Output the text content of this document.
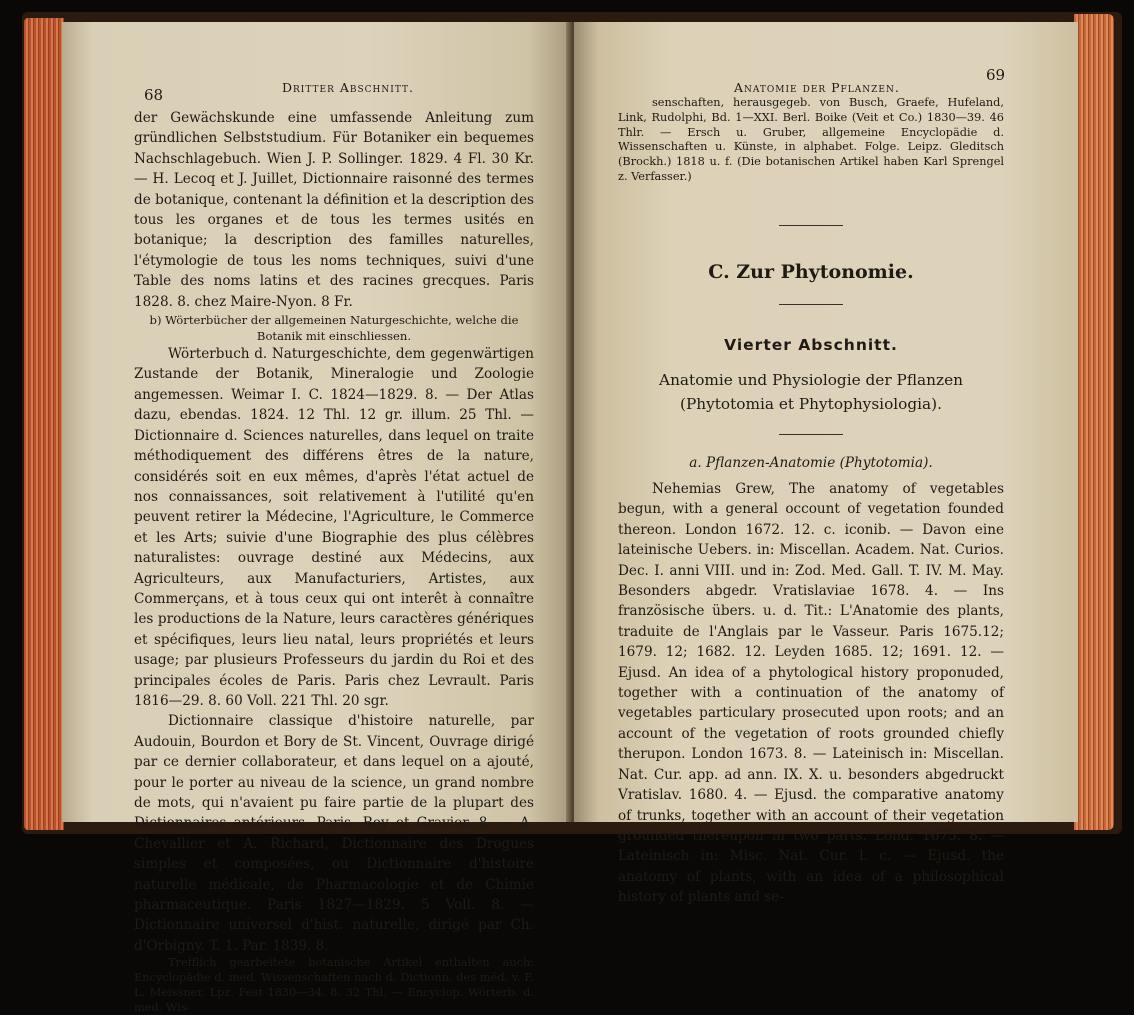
68	Dritter Abschnitt.

der Gewächskunde eine umfassende Anleitung zum gründlichen Selbststudium. Für Botaniker ein bequemes Nachschlagebuch. Wien J. P. Sollinger. 1829. 4 Fl. 30 Kr. — H. Lecoq et J. Juillet, Dictionnaire raisonné des termes de botanique, contenant la définition et la description des tous les organes et de tous les termes usités en botanique; la description des familles naturelles, l'étymologie de tous les noms techniques, suivi d'une Table des noms latins et des racines grecques. Paris 1828. 8. chez Maire-Nyon. 8 Fr.

b) Wörterbücher der allgemeinen Naturgeschichte, welche die Botanik mit einschliessen.

Wörterbuch d. Naturgeschichte, dem gegenwärtigen Zustande der Botanik, Mineralogie und Zoologie angemessen. Weimar I. C. 1824—1829. 8. — Der Atlas dazu, ebendas. 1824. 12 Thl. 12 gr. illum. 25 Thl. — Dictionnaire d. Sciences naturelles, dans lequel on traite méthodiquement des différens êtres de la nature, considérés soit en eux mêmes, d'après l'état actuel de nos connaissances, soit relativement à l'utilité qu'en peuvent retirer la Médecine, l'Agriculture, le Commerce et les Arts; suivie d'une Biographie des plus célèbres naturalistes: ouvrage destiné aux Médecins, aux Agriculteurs, aux Manufacturiers, Artistes, aux Commerçans, et à tous ceux qui ont interêt à connaître les productions de la Nature, leurs caractères génériques et spécifiques, leurs lieu natal, leurs propriétés et leurs usage; par plusieurs Professeurs du jardin du Roi et des principales écoles de Paris. Paris chez Levrault. Paris 1816—29. 8. 60 Voll. 221 Thl. 20 sgr.

Dictionnaire classique d'histoire naturelle, par Audouin, Bourdon et Bory de St. Vincent, Ouvrage dirigé par ce dernier collaborateur, et dans lequel on a ajouté, pour le porter au niveau de la science, un grand nombre de mots, qui n'avaient pu faire partie de la plupart des Dictionnaires antérieurs. Paris. Rey et Gravier. 8. — A. Chevallier et A. Richard, Dictionnaire des Drogues simples et composées, ou Dictionnaire d'histoire naturelle médicale, de Pharmacologie et de Chimie pharmaceutique. Paris 1827—1829. 5 Voll. 8. — Dictionnaire universel d'hist. naturelle, dirigé par Ch. d'Orbigny. T. 1. Par. 1839. 8.

Trefflich gearbeitete botanische Artikel enthalten auch: Encyclopädie d. med. Wissenschaften nach d. Dictionn. des méd. v. F. L. Meissner. Lpz. Fest 1830—34. 8. 32 Thl. — Encyclop. Wörterb. d. med. Wis-

Anatomie der Pflanzen.
69

senschaften, herausgegeb. von Busch, Graefe, Hufeland, Link, Rudolphi, Bd. 1—XXI. Berl. Boike (Veit et Co.) 1830—39. 46 Thlr. — Ersch u. Gruber, allgemeine Encyclopädie d. Wissenschaften u. Künste, in alphabet. Folge. Leipz. Gleditsch (Brockh.) 1818 u. f. (Die botanischen Artikel haben Karl Sprengel z. Verfasser.)

C. Zur Phytonomie.

Vierter Abschnitt.

Anatomie und Physiologie der Pflanzen (Phytotomia et Phytophysiologia).

a. Pflanzen-Anatomie (Phytotomia).

Nehemias Grew, The anatomy of vegetables begun, with a general occount of vegetation founded thereon. London 1672. 12. c. iconib. — Davon eine lateinische Uebers. in: Miscellan. Academ. Nat. Curios. Dec. I. anni VIII. und in: Zod. Med. Gall. T. IV. M. May. Besonders abgedr. Vratislaviae 1678. 4. — Ins französische übers. u. d. Tit.: L'Anatomie des plants, traduite de l'Anglais par le Vasseur. Paris 1675.12; 1679. 12; 1682. 12. Leyden 1685. 12; 1691. 12. — Ejusd. An idea of a phytological history proponuded, together with a continuation of the anatomy of vegetables particulary prosecuted upon roots; and an account of the vegetation of roots grounded chiefly therupon. London 1673. 8. — Lateinisch in: Miscellan. Nat. Cur. app. ad ann. IX. X. u. besonders abgedruckt Vratislav. 1680. 4. — Ejusd. the comparative anatomy of trunks, together with an account of their vegetation grounded thereupon in two parts. Lond. 1675. 8. — Lateinisch in: Misc. Nat. Cur. l. c. — Ejusd. the anatomy of plants, with an idea of a philosophical history of plants and se-
